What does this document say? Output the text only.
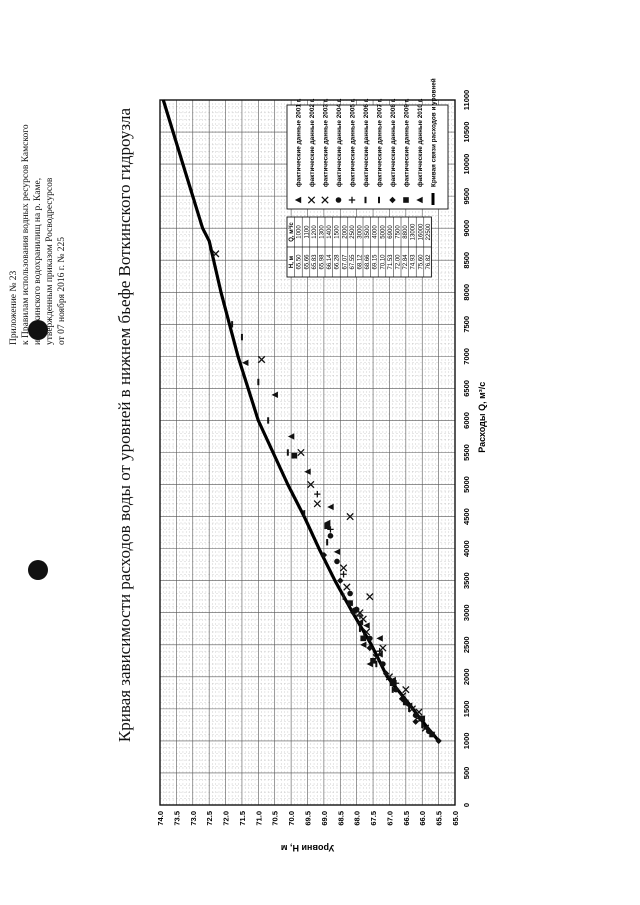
Кривая зависимости расходов воды от уровней в нижнем бьефе Воткинского гидроузла
Приложение № 23 к Правилам использования водных ресурсов Камского и Воткинского водохранилищ на р. Каме, утвержденным приказом Росводресурсов от 07 ноября 2016 г. № 225
0
500
1000
1500
2000
2500
3000
3500
4000
4500
5000
5500
6000
6500
7000
7500
8000
8500
9000
9500
10000
10500
11000
65.0
65.5
66.0
66.5
67.0
67.5
68.0
68.5
69.0
69.5
70.0
70.5
71.0
71.5
72.0
72.5
73.0
73.5
74.0
Расходы Q, м³/с
Уровни H, м
H, м
Q, м³/с
65.50
1000
65.66
1100
65.83
1200
65.98
1300
66.14
1400
66.28
1500
67.07
2000
67.55
2500
68.12
3000
68.66
3500
69.15
4000
70.10
5000
71.53
6900
72.00
7500
72.84
8800
74.93
13000
75.60
16000
76.82
22500
фактические данные 2001 г. фактические данные 2002 г. фактические данные 2003 г. фактические данные 2004 г. фактические данные 2005 г. фактические данные 2006 г. фактические данные 2007 г. фактические данные 2008 г. фактические данные 2009 г. фактические данные 2010 г. Кривая связи расходов и уровней
